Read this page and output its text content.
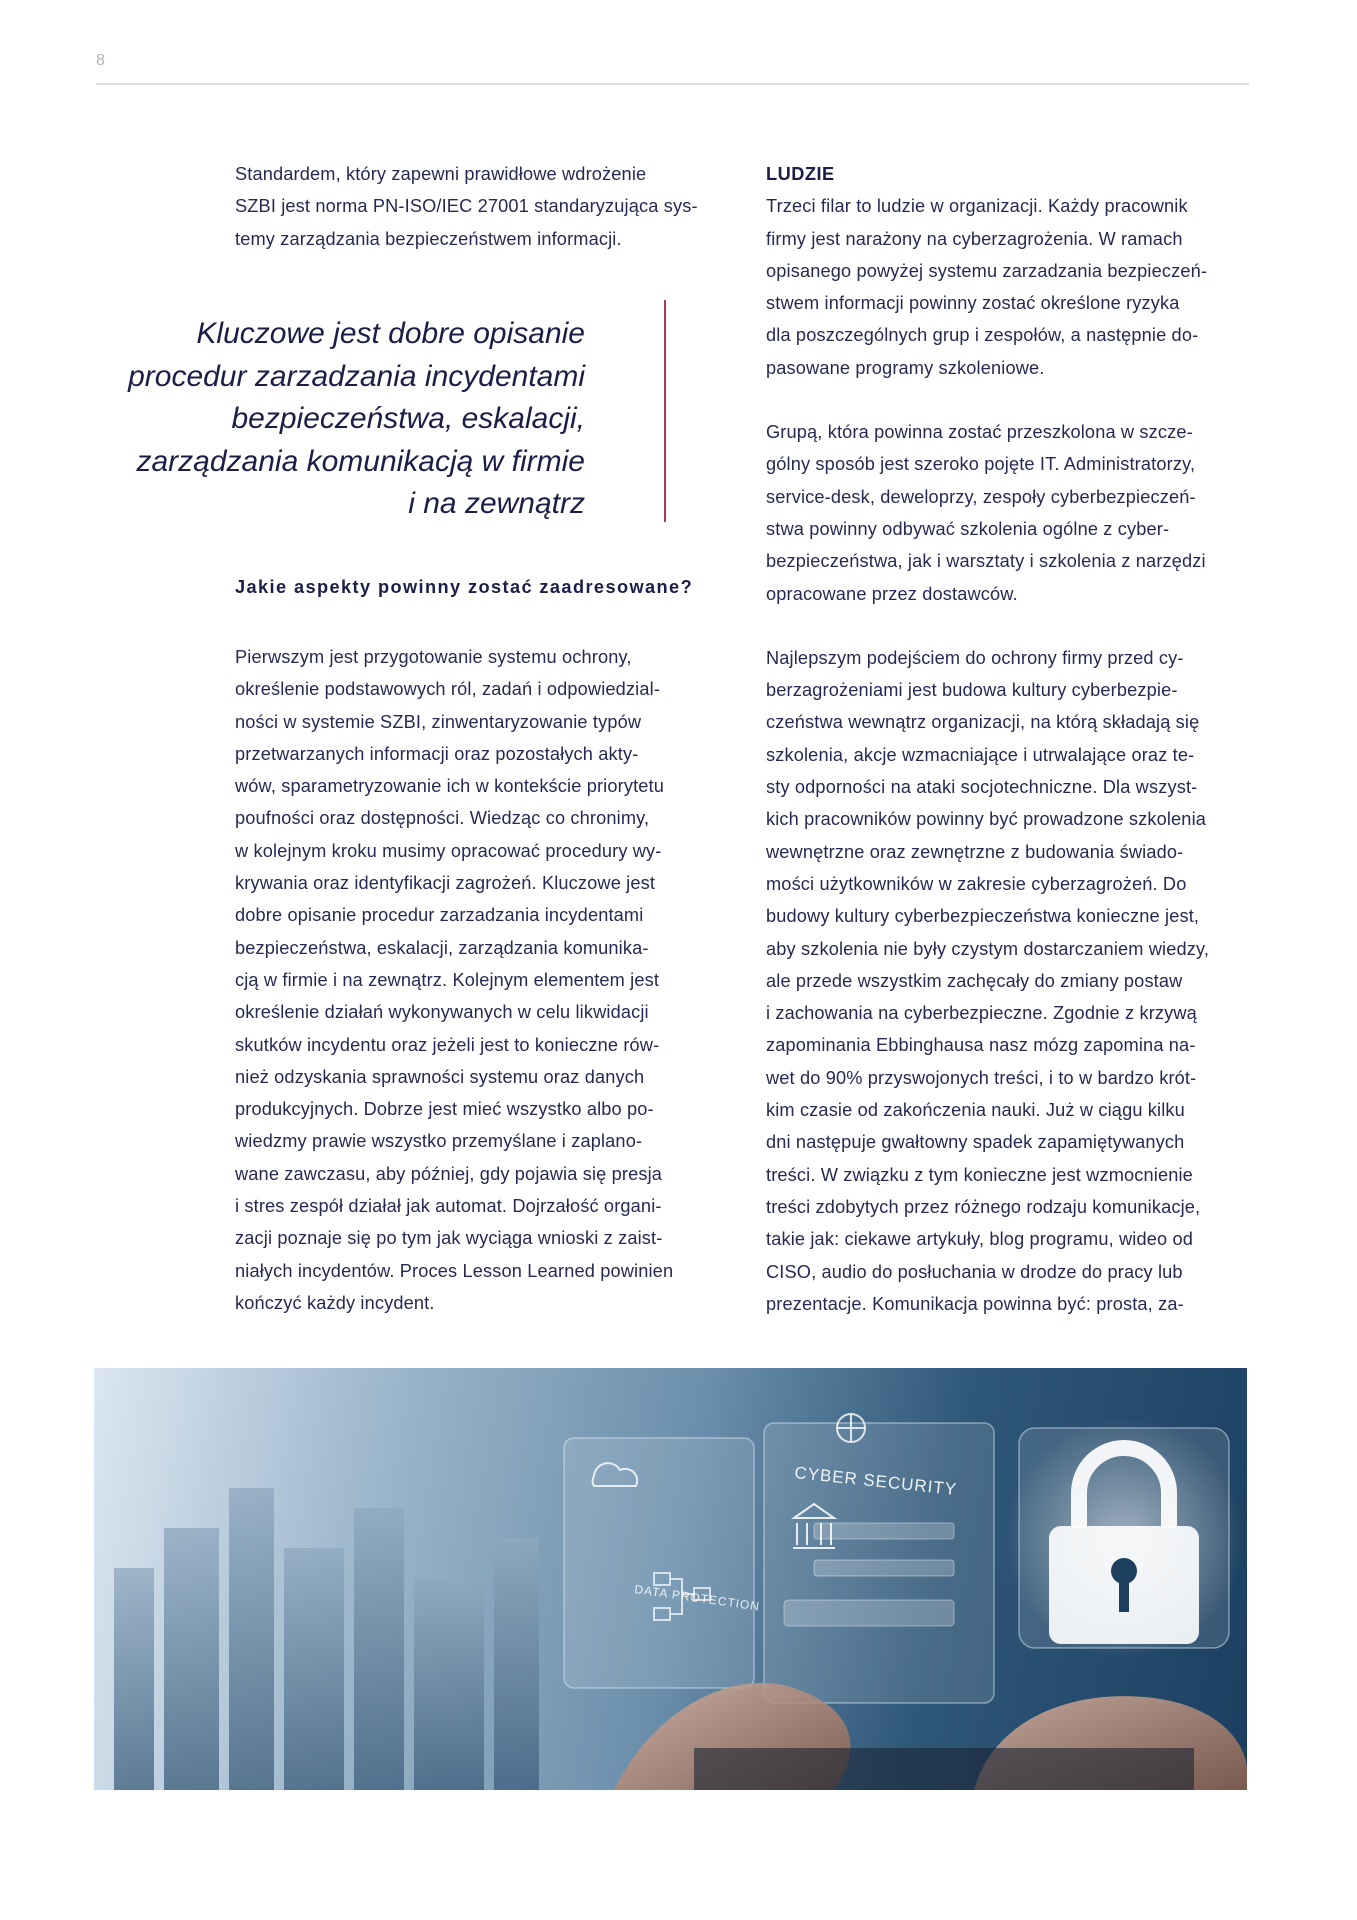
8

Standardem, który zapewni prawidłowe wdrożenie

SZBI jest norma PN-ISO/IEC 27001 standaryzująca sys-

temy zarządzania bezpieczeństwem informacji.

Kluczowe jest dobre opisanie
procedur zarzadzania incydentami
bezpieczeństwa, eskalacji,
zarządzania komunikacją w firmie
i na zewnątrz
Jakie aspekty powinny zostać zaadresowane?

Pierwszym jest przygotowanie systemu ochrony,

określenie podstawowych ról, zadań i odpowiedzial-

ności w systemie SZBI, zinwentaryzowanie typów

przetwarzanych informacji oraz pozostałych akty-

wów, sparametryzowanie ich w kontekście priorytetu

poufności oraz dostępności. Wiedząc co chronimy,

w kolejnym kroku musimy opracować procedury wy-

krywania oraz identyfikacji zagrożeń. Kluczowe jest

dobre opisanie procedur zarzadzania incydentami

bezpieczeństwa, eskalacji, zarządzania komunika-

cją w firmie i na zewnątrz. Kolejnym elementem jest

określenie działań wykonywanych w celu likwidacji

skutków incydentu oraz jeżeli jest to konieczne rów-

nież odzyskania sprawności systemu oraz danych

produkcyjnych. Dobrze jest mieć wszystko albo po-

wiedzmy prawie wszystko przemyślane i zaplano-

wane zawczasu, aby później, gdy pojawia się presja

i stres zespół działał jak automat. Dojrzałość organi-

zacji poznaje się po tym jak wyciąga wnioski z zaist-

niałych incydentów. Proces Lesson Learned powinien

kończyć każdy incydent.

LUDZIE

Trzeci filar to ludzie w organizacji. Każdy pracownik

firmy jest narażony na cyberzagrożenia. W ramach

opisanego powyżej systemu zarzadzania bezpieczeń-

stwem informacji powinny zostać określone ryzyka

dla poszczególnych grup i zespołów, a następnie do-

pasowane programy szkoleniowe.

Grupą, która powinna zostać przeszkolona w szcze-

gólny sposób jest szeroko pojęte IT. Administratorzy,

service-desk, deweloprzy, zespoły cyberbezpieczeń-

stwa powinny odbywać szkolenia ogólne z cyber-

bezpieczeństwa, jak i warsztaty i szkolenia z narzędzi

opracowane przez dostawców.

Najlepszym podejściem do ochrony firmy przed cy-

berzagrożeniami jest budowa kultury cyberbezpie-

czeństwa wewnątrz organizacji, na którą składają się

szkolenia, akcje wzmacniające i utrwalające oraz te-

sty odporności na ataki socjotechniczne. Dla wszyst-

kich pracowników powinny być prowadzone szkolenia

wewnętrzne oraz zewnętrzne z budowania świado-

mości użytkowników w zakresie cyberzagrożeń. Do

budowy kultury cyberbezpieczeństwa konieczne jest,

aby szkolenia nie były czystym dostarczaniem wiedzy,

ale przede wszystkim zachęcały do zmiany postaw

i zachowania na cyberbezpieczne. Zgodnie z krzywą

zapominania Ebbinghausa nasz mózg zapomina na-

wet do 90% przyswojonych treści, i to w bardzo krót-

kim czasie od zakończenia nauki. Już w ciągu kilku

dni następuje gwałtowny spadek zapamiętywanych

treści. W związku z tym konieczne jest wzmocnienie

treści zdobytych przez różnego rodzaju komunikacje,

takie jak: ciekawe artykuły, blog programu, wideo od

CISO, audio do posłuchania w drodze do pracy lub

prezentacje. Komunikacja powinna być: prosta, za-

CYBER SECURITY
DATA PROTECTION
